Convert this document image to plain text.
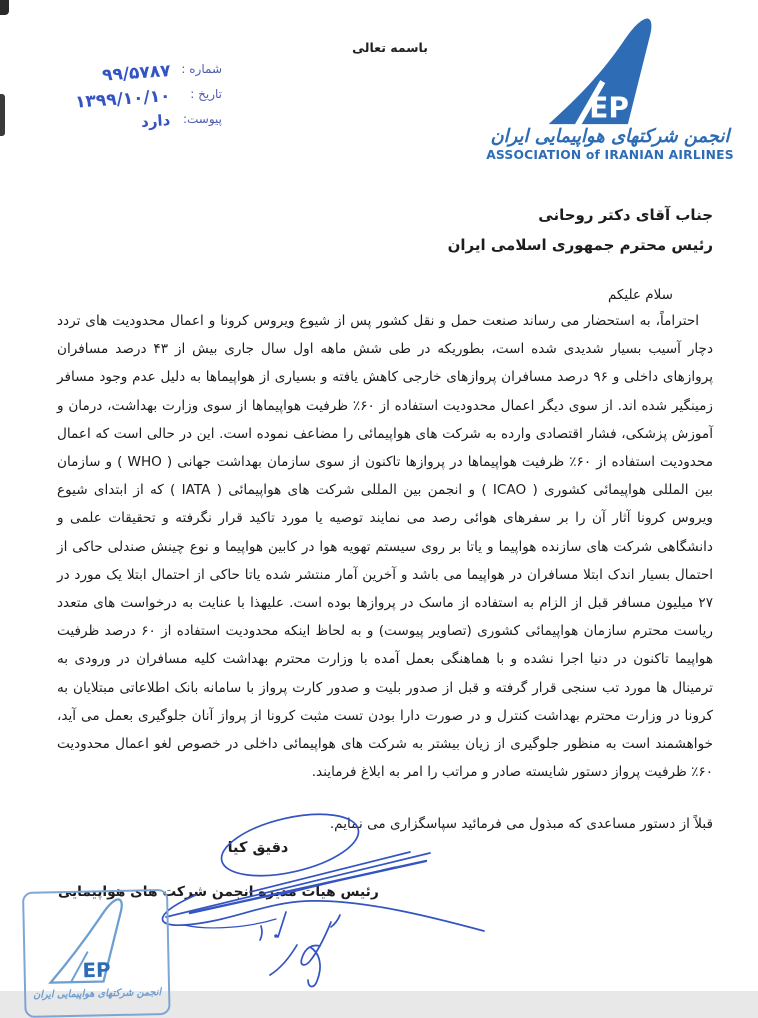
باسمه تعالی
شماره :
۹۹/۵۷۸۷
تاریخ :
۱۳۹۹/۱۰/۱۰
پیوست:
دارد	EP
انجمن شرکتهای هواپیمایی ایران
ASSOCIATION of IRANIAN AIRLINES
جناب آقای دکتر روحانی
رئیس محترم جمهوری اسلامی ایران
سلام علیکم

احتراماً، به استحضار می رساند صنعت حمل و نقل کشور پس از شیوع ویروس کرونا و اعمال محدودیت های تردد دچار آسیب بسیار شدیدی شده است، بطوریکه در طی شش ماهه اول سال جاری بیش از ۴۳ درصد مسافران پروازهای داخلی و ۹۶ درصد مسافران پروازهای خارجی کاهش یافته و بسیاری از هواپیماها به دلیل عدم وجود مسافر زمینگیر شده اند. از سوی دیگر اعمال محدودیت استفاده از ۶۰٪ ظرفیت هواپیماها از سوی وزارت بهداشت، درمان و آموزش پزشکی، فشار اقتصادی وارده به شرکت های هواپیمائی را مضاعف نموده است. این در حالی است که اعمال محدودیت استفاده از ۶۰٪ ظرفیت هواپیماها در پروازها تاکنون از سوی سازمان بهداشت جهانی ( WHO ) و سازمان بین المللی هواپیمائی کشوری ( ICAO ) و انجمن بین المللی شرکت های هواپیمائی ( IATA ) که از ابتدای شیوع ویروس کرونا آثار آن را بر سفرهای هوائی رصد می نمایند توصیه یا مورد تاکید قرار نگرفته و تحقیقات علمی و دانشگاهی شرکت های سازنده هواپیما و یاتا بر روی سیستم تهویه هوا در کابین هواپیما و نوع چینش صندلی حاکی از احتمال بسیار اندک ابتلا مسافران در هواپیما می باشد و آخرین آمار منتشر شده یاتا حاکی از احتمال ابتلا یک مورد در ۲۷ میلیون مسافر قبل از الزام به استفاده از ماسک در پروازها بوده است. علیهذا با عنایت به درخواست های متعدد ریاست محترم سازمان هواپیمائی کشوری (تصاویر پیوست) و به لحاظ اینکه محدودیت استفاده از ۶۰ درصد ظرفیت هواپیما تاکنون در دنیا اجرا نشده و با هماهنگی بعمل آمده با وزارت محترم بهداشت کلیه مسافران در ورودی به ترمینال ها مورد تب سنجی قرار گرفته و قبل از صدور بلیت و صدور کارت پرواز با سامانه بانک اطلاعاتی مبتلایان به کرونا در وزارت محترم بهداشت کنترل و در صورت دارا بودن تست مثبت کرونا از پرواز آنان جلوگیری بعمل می آید، خواهشمند است به منظور جلوگیری از زیان بیشتر به شرکت های هواپیمائی داخلی در خصوص لغو اعمال محدودیت ۶۰٪ ظرفیت پرواز دستور شایسته صادر و مراتب را امر به ابلاغ فرمایند.

قبلاً از دستور مساعدی که مبذول می فرمائید سپاسگزاری می نمایم.
دقیق کیا
رئیس هیات مدیره انجمن شرکت های هواپیمایی
EP
انجمن شرکتهای هواپیمایی ایران
